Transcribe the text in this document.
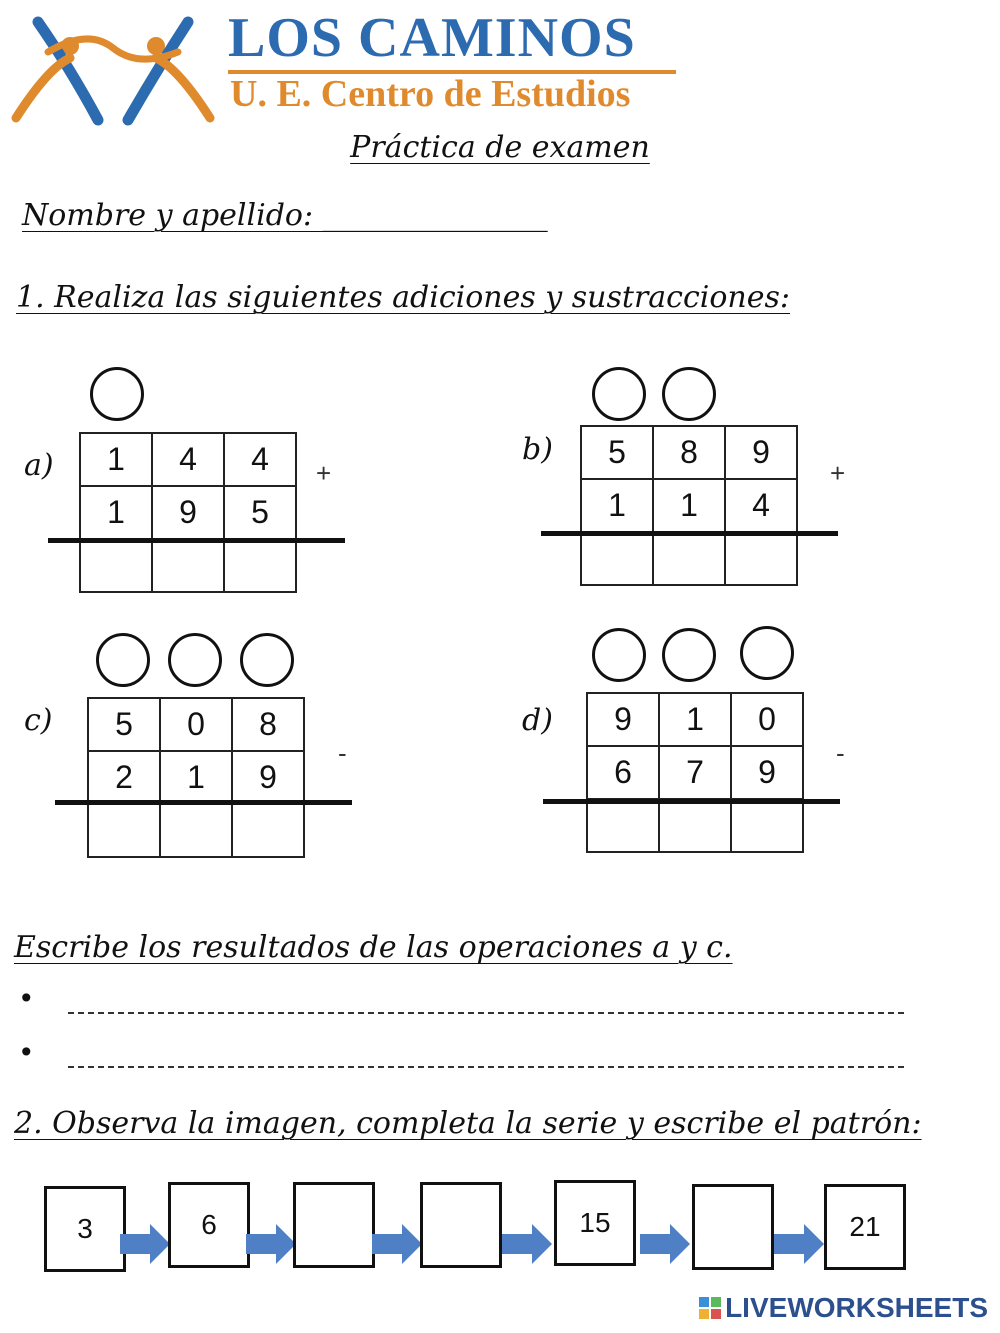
LOS CAMINOS
U. E. Centro de Estudios
Práctica de examen
Nombre y apellido: _______________
1. Realiza las siguientes adiciones y sustracciones:
a)	1	4	4
1	9	5
+
b)	5	8	9
1	1	4
+
c)	5	0	8
2	1	9
-
d)	9	1	0
6	7	9
-
Escribe los resultados de las operaciones a y c.
•
•
2. Observa la imagen, completa la serie y escribe el patrón:
3	6	15	21
LIVEWORKSHEETS
